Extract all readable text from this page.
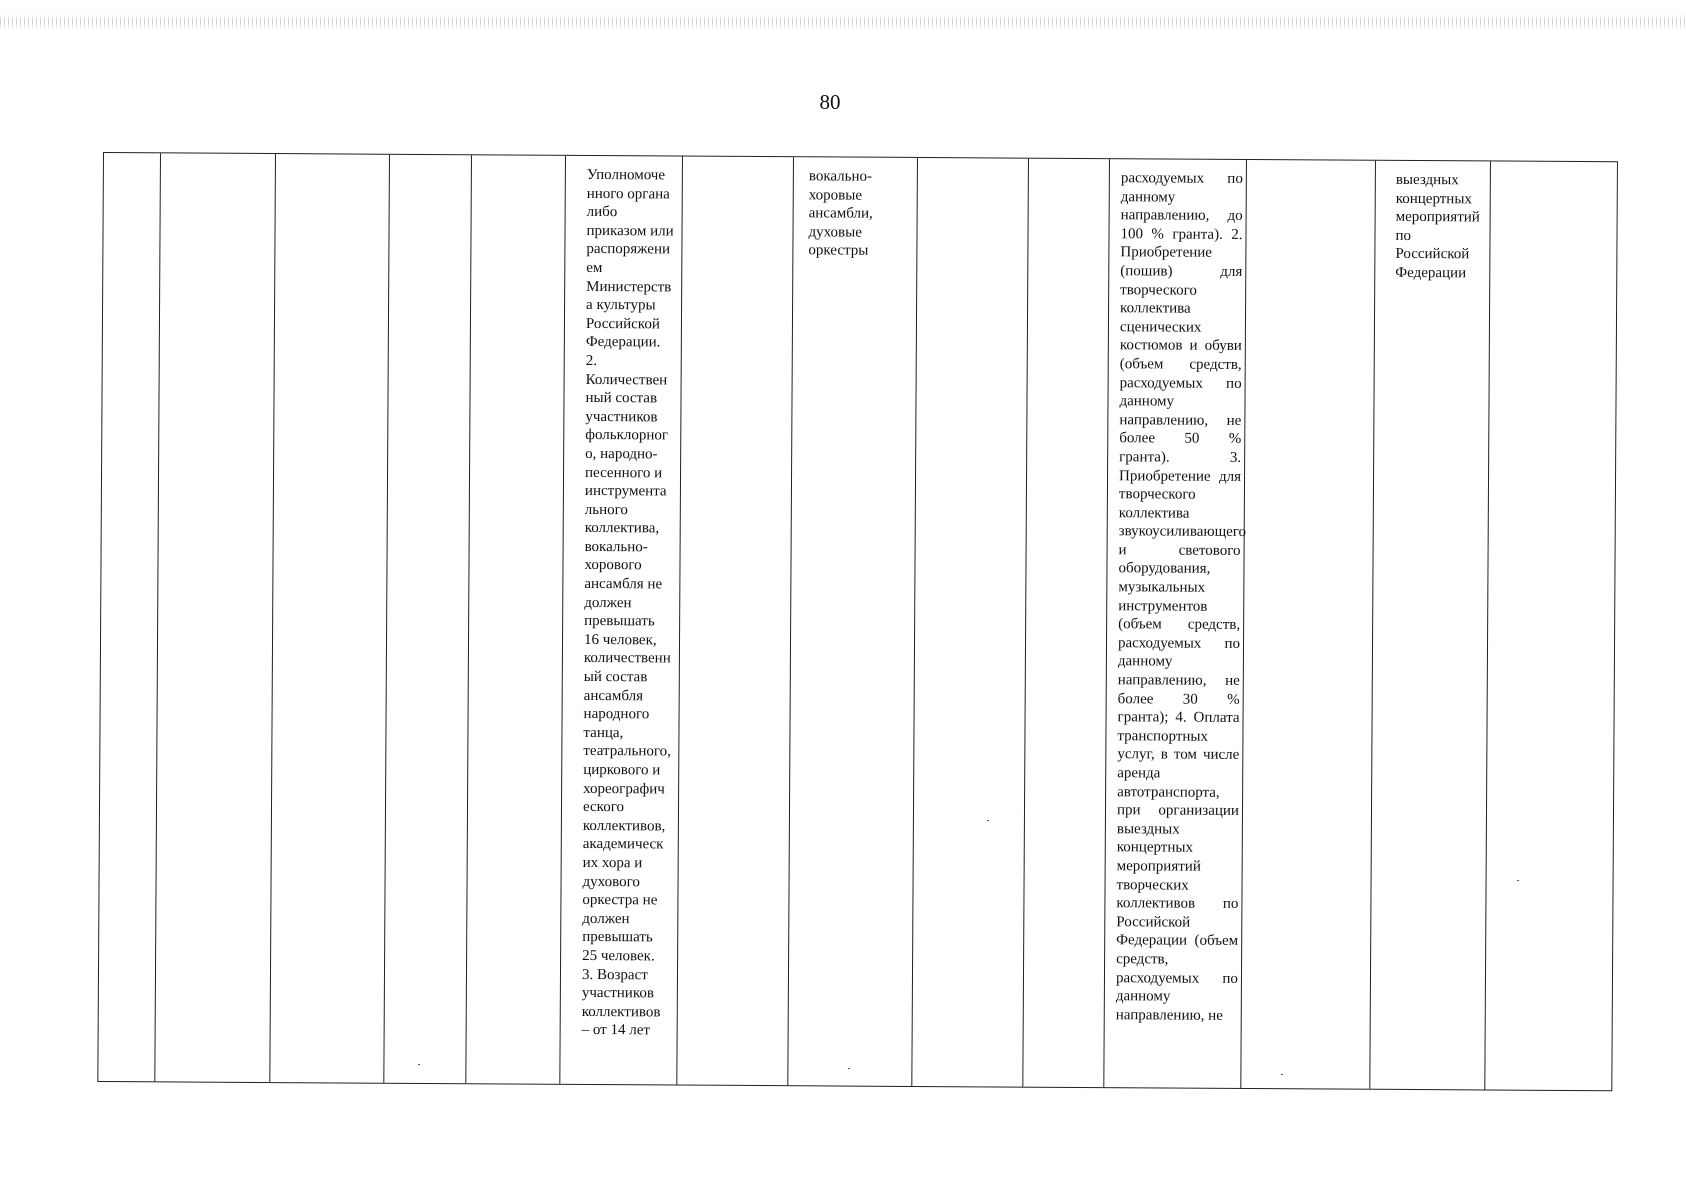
80
Уполномоче
нного органа
либо
приказом или
распоряжени
ем
Министерств
а культуры
Российской
Федерации.
2.
Количествен
ный состав
участников
фольклорног
о, народно-
песенного и
инструмента
льного
коллектива,
вокально-
хорового
ансамбля не
должен
превышать
16 человек,
количественн
ый состав
ансамбля
народного
танца,
театрального,
циркового и
хореографич
еского
коллективов,
академическ
их хора и
духового
оркестра не
должен
превышать
25 человек.
3. Возраст
участников
коллективов
– от 14 лет
вокально-
хоровые
ансамбли,
духовые
оркестры
расходуемых по данному направлению, до 100 % гранта). 2. Приобретение (пошив) для творческого коллектива сценических костюмов и обуви (объем средств, расходуемых по данному направлению, не более 50 % гранта). 3. Приобретение для творческого коллектива звукоусиливающего и светового оборудования, музыкальных инструментов (объем средств, расходуемых по данному направлению, не более 30 % гранта); 4. Оплата транспортных услуг, в том числе аренда автотранспорта, при организации выездных концертных мероприятий творческих коллективов по Российской Федерации (объем средств, расходуемых по данному направлению, не
выездных
концертных
мероприятий
по
Российской
Федерации
